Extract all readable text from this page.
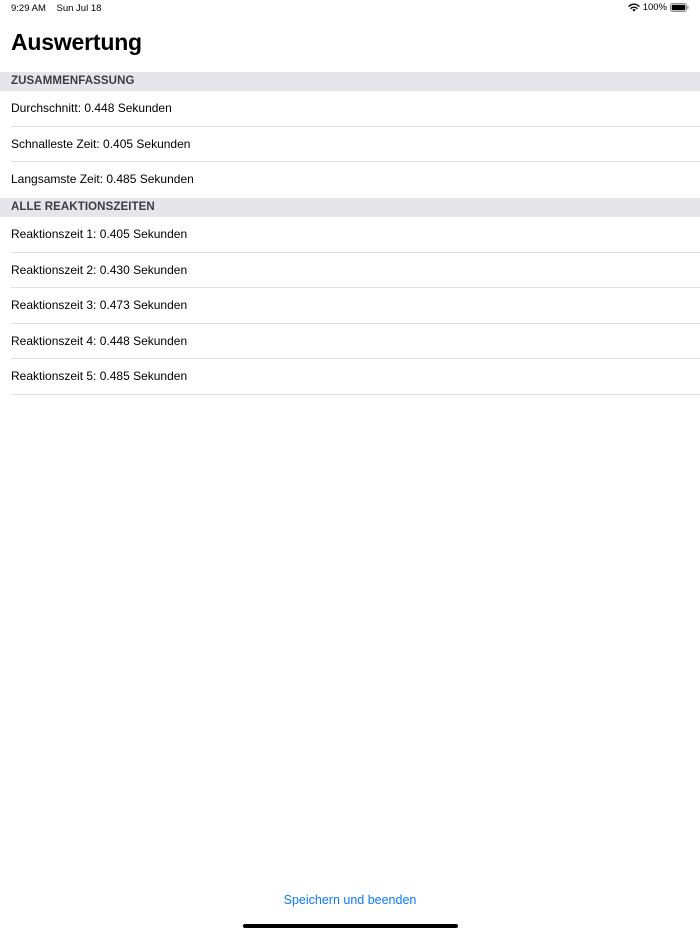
9:29 AM Sun Jul 18	100%
Auswertung
ZUSAMMENFASSUNG
Durchschnitt: 0.448 Sekunden
Schnalleste Zeit: 0.405 Sekunden
Langsamste Zeit: 0.485 Sekunden
ALLE REAKTIONSZEITEN
Reaktionszeit 1: 0.405 Sekunden
Reaktionszeit 2: 0.430 Sekunden
Reaktionszeit 3: 0.473 Sekunden
Reaktionszeit 4: 0.448 Sekunden
Reaktionszeit 5: 0.485 Sekunden
Speichern und beenden
